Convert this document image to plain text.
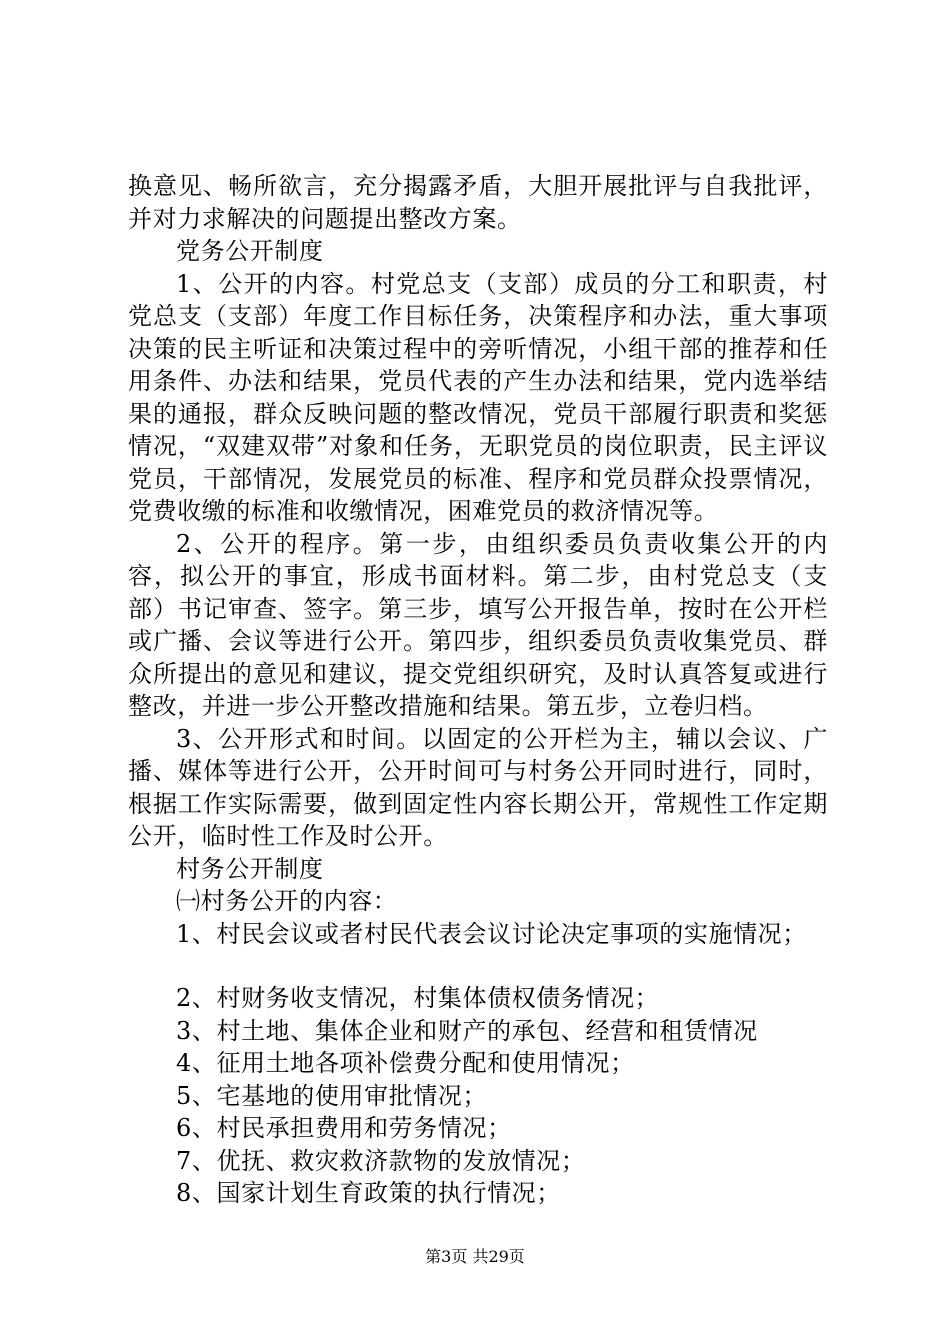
换意见、畅所欲言，充分揭露矛盾，大胆开展批评与自我批评，并对力求解决的问题提出整改方案。

党务公开制度

1、公开的内容。村党总支（支部）成员的分工和职责，村党总支（支部）年度工作目标任务，决策程序和办法，重大事项决策的民主听证和决策过程中的旁听情况，小组干部的推荐和任用条件、办法和结果，党员代表的产生办法和结果，党内选举结果的通报，群众反映问题的整改情况，党员干部履行职责和奖惩情况，“双建双带”对象和任务，无职党员的岗位职责，民主评议党员，干部情况，发展党员的标准、程序和党员群众投票情况，党费收缴的标准和收缴情况，困难党员的救济情况等。

2、公开的程序。第一步，由组织委员负责收集公开的内容，拟公开的事宜，形成书面材料。第二步，由村党总支（支部）书记审查、签字。第三步，填写公开报告单，按时在公开栏或广播、会议等进行公开。第四步，组织委员负责收集党员、群众所提出的意见和建议，提交党组织研究，及时认真答复或进行整改，并进一步公开整改措施和结果。第五步，立卷归档。

3、公开形式和时间。以固定的公开栏为主，辅以会议、广播、媒体等进行公开，公开时间可与村务公开同时进行，同时，根据工作实际需要，做到固定性内容长期公开，常规性工作定期公开，临时性工作及时公开。

村务公开制度

㈠村务公开的内容：

1、村民会议或者村民代表会议讨论决定事项的实施情况；

2、村财务收支情况，村集体债权债务情况；

3、村土地、集体企业和财产的承包、经营和租赁情况

4、征用土地各项补偿费分配和使用情况；

5、宅基地的使用审批情况；

6、村民承担费用和劳务情况；

7、优抚、救灾救济款物的发放情况；

8、国家计划生育政策的执行情况；

第3页 共29页
